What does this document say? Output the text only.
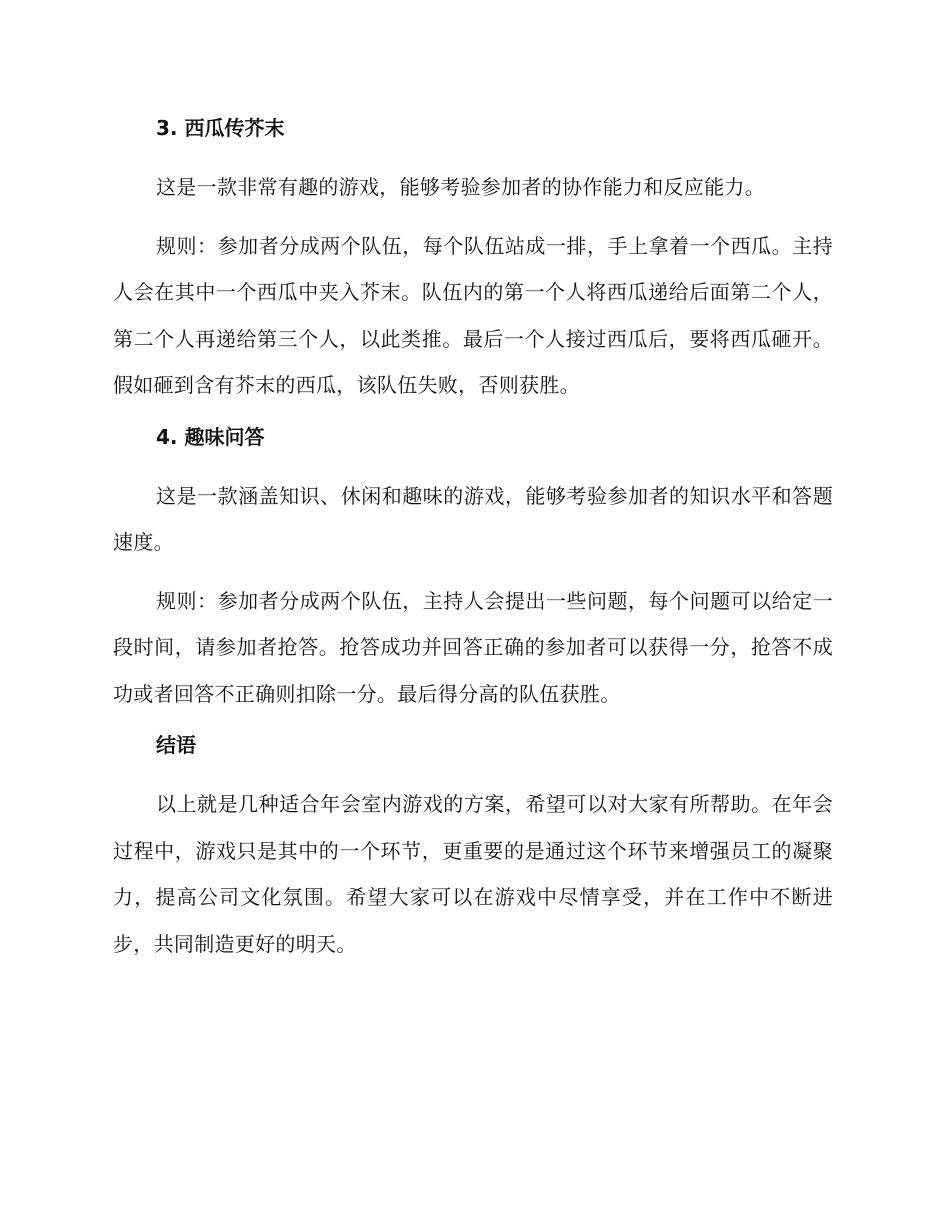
3. 西瓜传芥末

这是一款非常有趣的游戏，能够考验参加者的协作能力和反应能力。

规则：参加者分成两个队伍，每个队伍站成一排，手上拿着一个西瓜。主持人会在其中一个西瓜中夹入芥末。队伍内的第一个人将西瓜递给后面第二个人，第二个人再递给第三个人，以此类推。最后一个人接过西瓜后，要将西瓜砸开。假如砸到含有芥末的西瓜，该队伍失败，否则获胜。

4. 趣味问答

这是一款涵盖知识、休闲和趣味的游戏，能够考验参加者的知识水平和答题速度。

规则：参加者分成两个队伍，主持人会提出一些问题，每个问题可以给定一段时间，请参加者抢答。抢答成功并回答正确的参加者可以获得一分，抢答不成功或者回答不正确则扣除一分。最后得分高的队伍获胜。

结语

以上就是几种适合年会室内游戏的方案，希望可以对大家有所帮助。在年会过程中，游戏只是其中的一个环节，更重要的是通过这个环节来增强员工的凝聚力，提高公司文化氛围。希望大家可以在游戏中尽情享受，并在工作中不断进步，共同制造更好的明天。
